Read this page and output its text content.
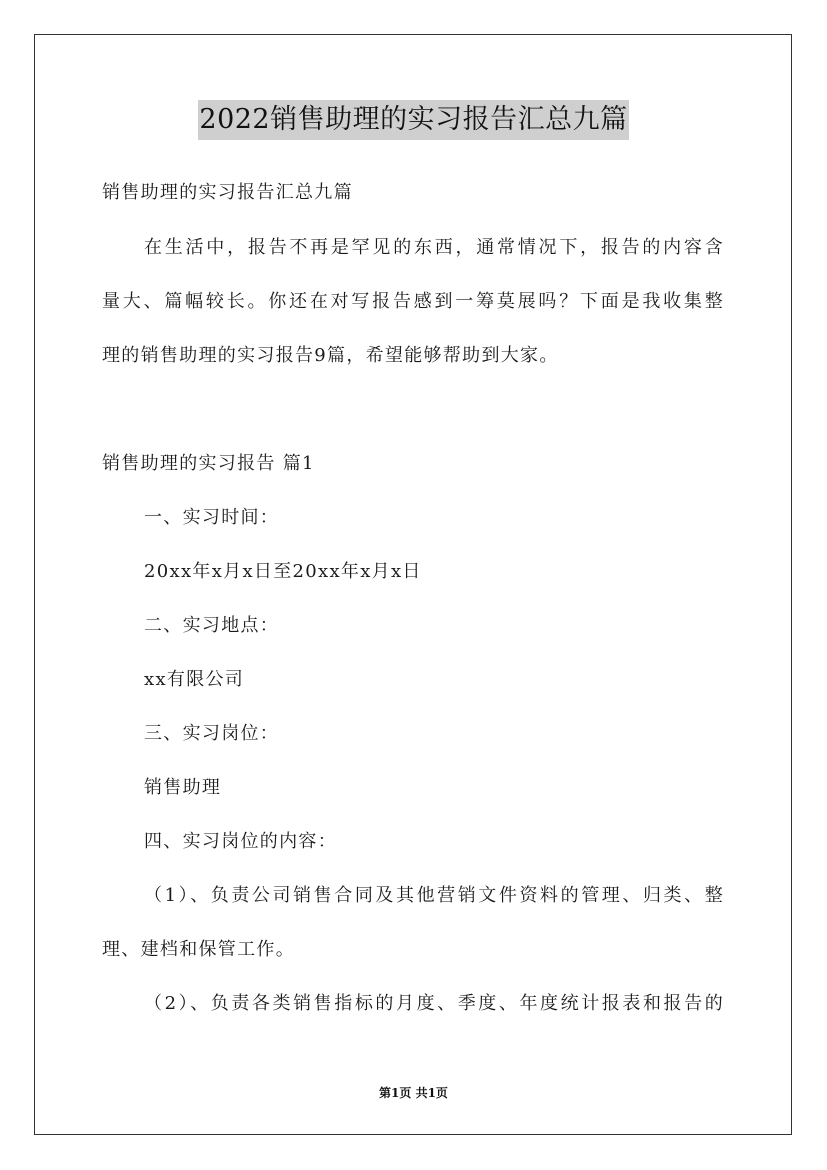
2022销售助理的实习报告汇总九篇
销售助理的实习报告汇总九篇
在生活中，报告不再是罕见的东西，通常情况下，报告的内容含
量大、篇幅较长。你还在对写报告感到一筹莫展吗？下面是我收集整
理的销售助理的实习报告9篇，希望能够帮助到大家。
销售助理的实习报告 篇1
一、实习时间：
20xx年x月x日至20xx年x月x日
二、实习地点：
xx有限公司
三、实习岗位：
销售助理
四、实习岗位的内容：
（1）、负责公司销售合同及其他营销文件资料的管理、归类、整
理、建档和保管工作。
（2）、负责各类销售指标的月度、季度、年度统计报表和报告的
第1页 共1页
